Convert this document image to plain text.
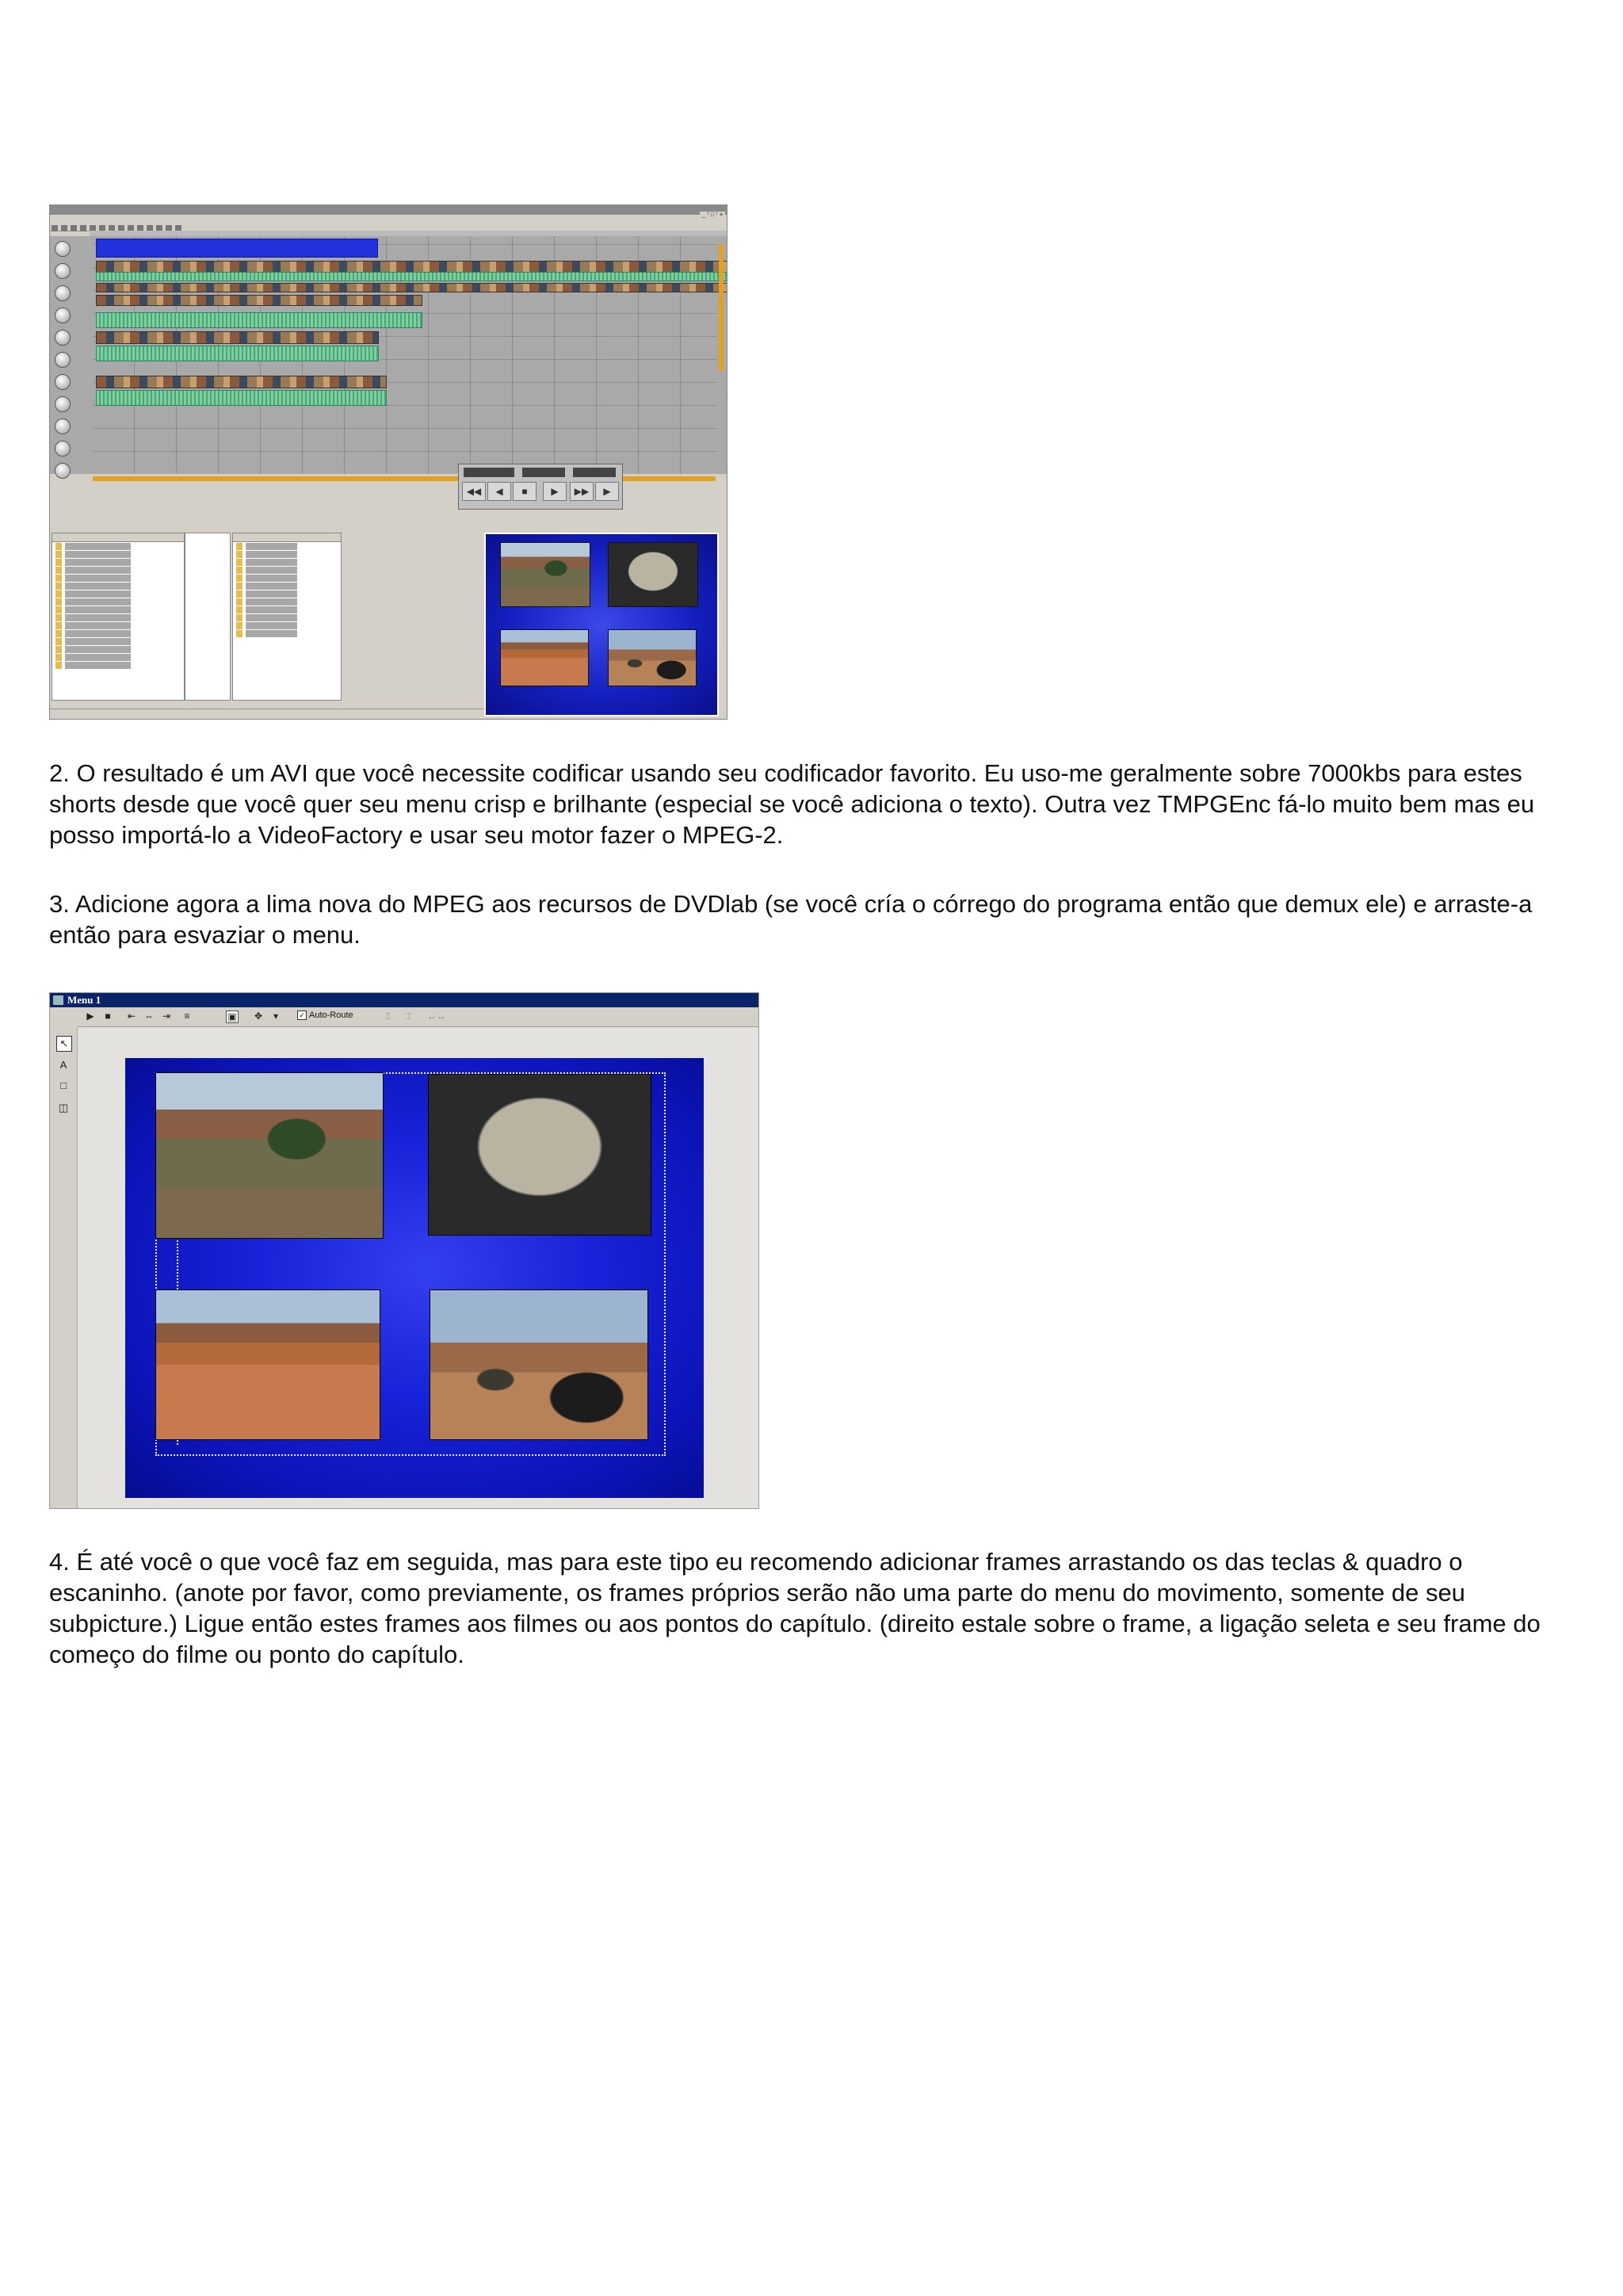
_ □ ×
◀◀	◀	■	▶	▶▶	▶

2. O resultado é um AVI que você necessite codificar usando seu codificador favorito. Eu uso-me geralmente sobre 7000kbs para estes shorts desde que você quer seu menu crisp e brilhante (especial se você adiciona o texto). Outra vez TMPGEnc fá-lo muito bem mas eu posso importá-lo a VideoFactory e usar seu motor fazer o MPEG-2.

3. Adicione agora a lima nova do MPEG aos recursos de DVDlab (se você cría o córrego do programa então que demux ele) e arraste-a então para esvaziar o menu.

Menu 1
▶ ■ ⇤ ⇔ ⇥ ≡	▣ ✥	▾	✓ Auto-Route	⌶ ⌶	↔↔
↖
A
□
◫

4. É até você o que você faz em seguida, mas para este tipo eu recomendo adicionar frames arrastando os das teclas & quadro o escaninho. (anote por favor, como previamente, os frames próprios serão não uma parte do menu do movimento, somente de seu subpicture.) Ligue então estes frames aos filmes ou aos pontos do capítulo. (direito estale sobre o frame, a ligação seleta e seu frame do começo do filme ou ponto do capítulo.
